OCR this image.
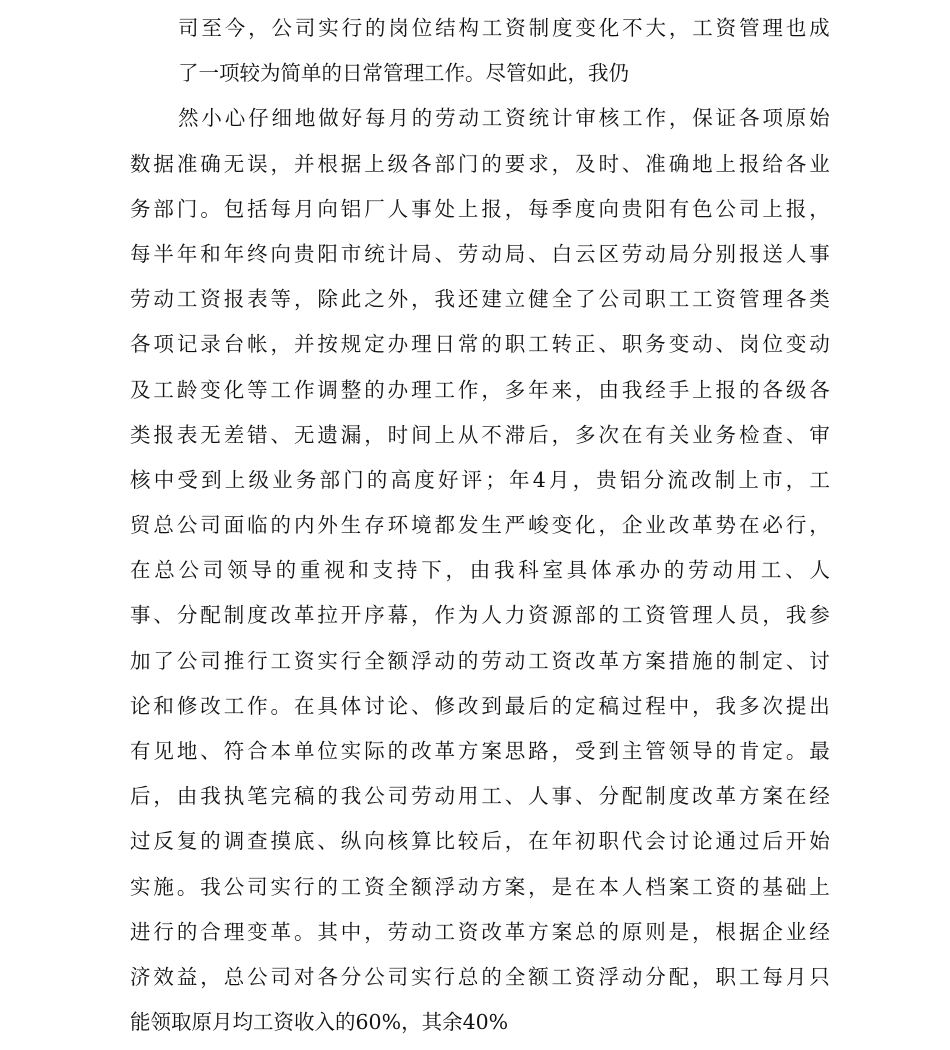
司 至 今 ， 公 司 实 行 的 岗 位 结 构 工 资 制 度 变 化 不 大 ， 工 资 管 理 也 成
了一项较为简单的日常管理工作。尽管如此，我仍
然 小 心 仔 细 地 做 好 每 月 的 劳 动 工 资 统 计 审 核 工 作 ， 保 证 各 项 原 始
数 据 准 确 无 误 ， 并 根 据 上 级 各 部 门 的 要 求 ， 及 时 、 准 确 地 上 报 给 各 业
务 部 门 。 包 括 每 月 向 铝 厂 人 事 处 上 报 ， 每 季 度 向 贵 阳 有 色 公 司 上 报 ，
每 半 年 和 年 终 向 贵 阳 市 统 计 局 、 劳 动 局 、 白 云 区 劳 动 局 分 别 报 送 人 事
劳 动 工 资 报 表 等 ， 除 此 之 外 ， 我 还 建 立 健 全 了 公 司 职 工 工 资 管 理 各 类
各 项 记 录 台 帐 ， 并 按 规 定 办 理 日 常 的 职 工 转 正 、 职 务 变 动 、 岗 位 变 动
及 工 龄 变 化 等 工 作 调 整 的 办 理 工 作 ， 多 年 来 ， 由 我 经 手 上 报 的 各 级 各
类 报 表 无 差 错 、 无 遗 漏 ， 时 间 上 从 不 滞 后 ， 多 次 在 有 关 业 务 检 查 、 审
核 中 受 到 上 级 业 务 部 门 的 高 度 好 评 ； 年 4 月 ， 贵 铝 分 流 改 制 上 市 ， 工
贸 总 公 司 面 临 的 内 外 生 存 环 境 都 发 生 严 峻 变 化 ， 企 业 改 革 势 在 必 行 ，
在 总 公 司 领 导 的 重 视 和 支 持 下 ， 由 我 科 室 具 体 承 办 的 劳 动 用 工 、 人
事 、 分 配 制 度 改 革 拉 开 序 幕 ， 作 为 人 力 资 源 部 的 工 资 管 理 人 员 ， 我 参
加 了 公 司 推 行 工 资 实 行 全 额 浮 动 的 劳 动 工 资 改 革 方 案 措 施 的 制 定 、 讨
论 和 修 改 工 作 。 在 具 体 讨 论 、 修 改 到 最 后 的 定 稿 过 程 中 ， 我 多 次 提 出
有 见 地 、 符 合 本 单 位 实 际 的 改 革 方 案 思 路 ， 受 到 主 管 领 导 的 肯 定 。 最
后 ， 由 我 执 笔 完 稿 的 我 公 司 劳 动 用 工 、 人 事 、 分 配 制 度 改 革 方 案 在 经
过 反 复 的 调 查 摸 底 、 纵 向 核 算 比 较 后 ， 在 年 初 职 代 会 讨 论 通 过 后 开 始
实 施 。 我 公 司 实 行 的 工 资 全 额 浮 动 方 案 ， 是 在 本 人 档 案 工 资 的 基 础 上
进 行 的 合 理 变 革 。 其 中 ， 劳 动 工 资 改 革 方 案 总 的 原 则 是 ， 根 据 企 业 经
济 效 益 ， 总 公 司 对 各 分 公 司 实 行 总 的 全 额 工 资 浮 动 分 配 ， 职 工 每 月 只
能领取原月均工资收入的60%，其余40%
